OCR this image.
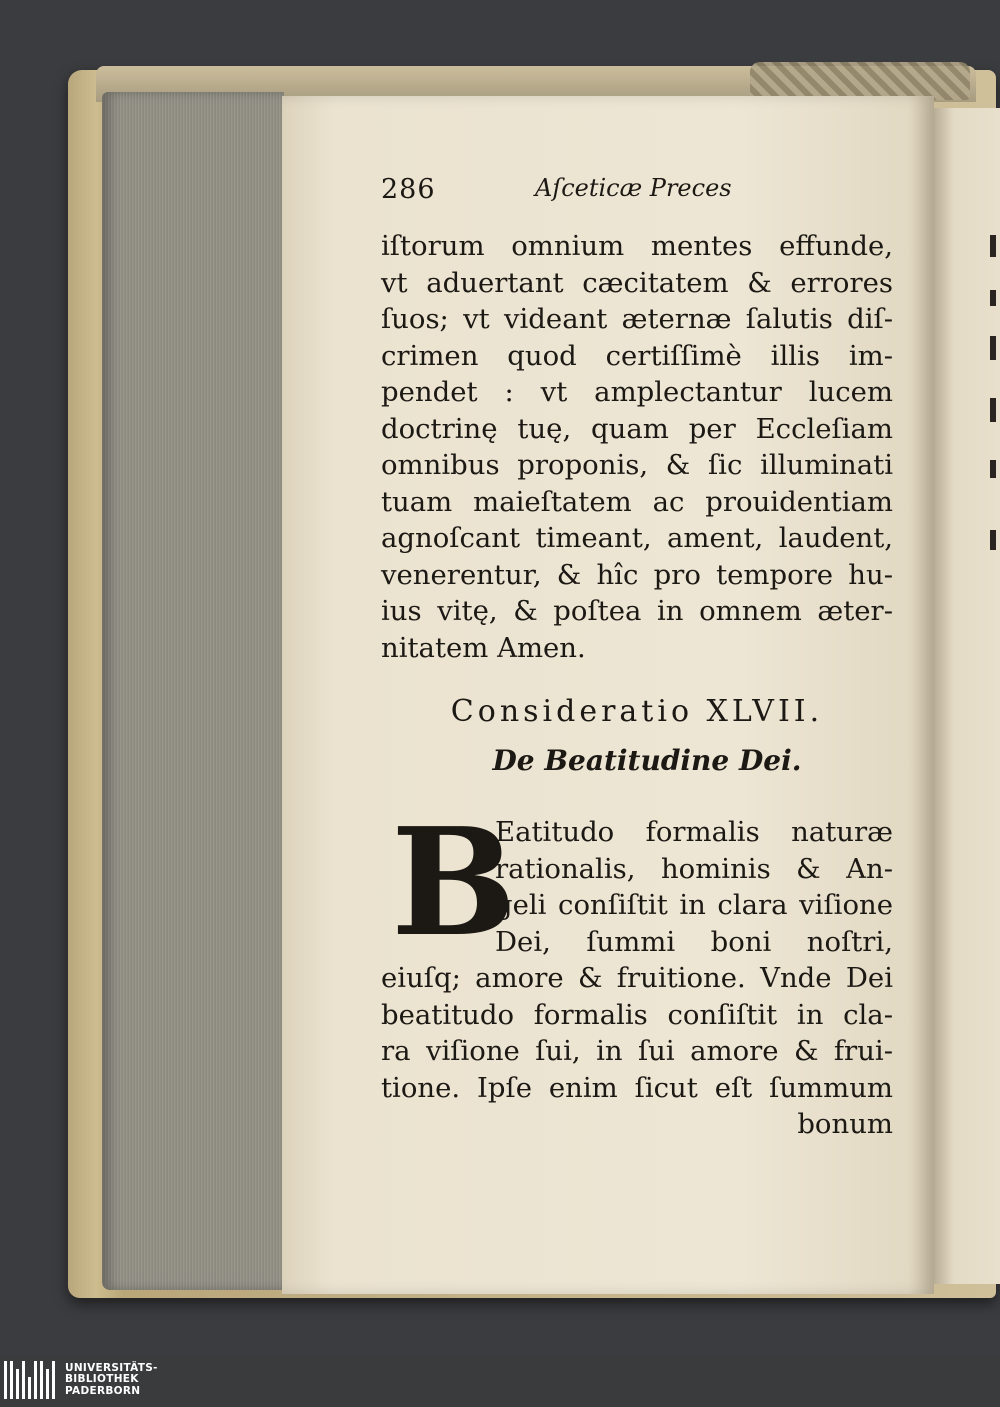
286	Aſceticæ Preces
iſtorum omnium mentes effunde,
vt aduertant cæcitatem & errores
ſuos; vt videant æternæ ſalutis diſ-
crimen quod certiſſimè illis im-
pendet : vt amplectantur lucem
doctrinę tuę, quam per Eccleſiam
omnibus proponis, & ſic illuminati
tuam maieſtatem ac prouidentiam
agnoſcant timeant, ament, laudent,
venerentur, & hîc pro tempore hu-
ius vitę, & poſtea in omnem æter-
nitatem Amen.
Consideratio XLVII.
De Beatitudine Dei.
B
Eatitudo formalis naturæ
rationalis, hominis & An-
geli conſiſtit in clara viſione
Dei, ſummi boni noſtri,
eiuſq; amore & fruitione. Vnde Dei
beatitudo formalis conſiſtit in cla-
ra viſione ſui, in ſui amore & frui-
tione. Ipſe enim ſicut eſt ſummum
bonum
UNIVERSITÄTS-
BIBLIOTHEK
PADERBORN
